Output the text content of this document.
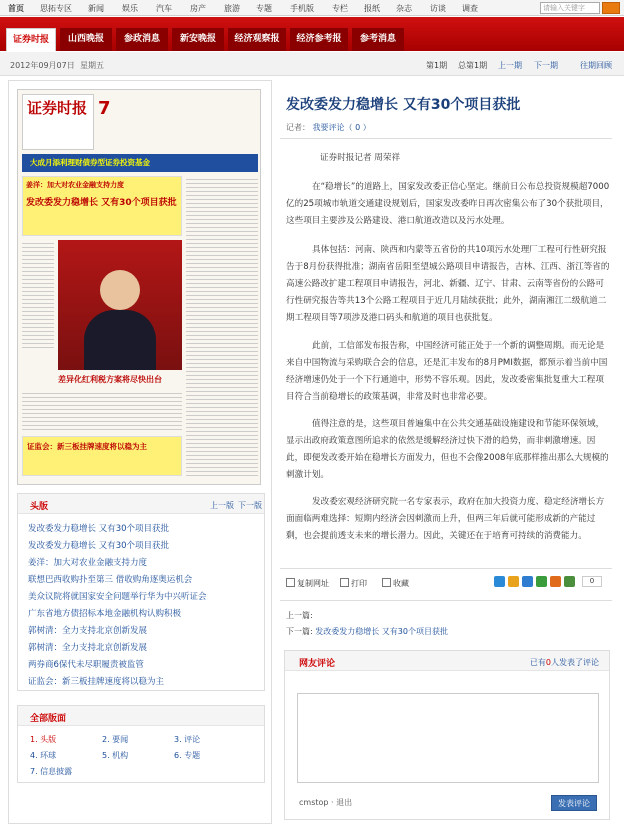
首页 思拓专区 新闻 娱乐 汽车 房产 旅游 专题 手机版 专栏 报纸 杂志 访谈 调查	请输入关键字
证券时报	山西晚报	参政消息	新安晚报	经济观察报	经济参考报	参考消息
2012年09月07日 星期五	第1期 总第1期 上一期 下一期	往期回顾
证券时报 7
大成月添利理财债券型证券投资基金
姜洋：加大对农业金融支持力度
发改委发力稳增长 又有30个项目获批
差异化红利税方案将尽快出台
证监会：新三板挂牌速度将以稳为主
头版	上一版 下一版
发改委发力稳增长 又有30个项目获批
发改委发力稳增长 又有30个项目获批
姜洋：加大对农业金融支持力度
联想巴西收购扑至第三 借收购角逐奥运机会
美众议院将就国家安全问题举行华为中兴听证会
广东省地方债招标本地金融机构认购积极
郭树清：全力支持北京创新发展
郭树清：全力支持北京创新发展
两券商6保代未尽职履责被监管
证监会：新三板挂牌速度将以稳为主
全部版面
1. 头版	2. 要闻	3. 评论
4. 环球	5. 机构	6. 专题
7. 信息披露
发改委发力稳增长 又有30个项目获批
记者： 我要评论（ 0 ）
证券时报记者 周荣祥
在“稳增长”的道路上，国家发改委正信心坚定。继前日公布总投资规模超7000亿的25项城市轨道交通建设规划后，国家发改委昨日再次密集公布了30个获批项目，这些项目主要涉及公路建设、港口航道改造以及污水处理。
具体包括：河南、陕西和内蒙等五省份的共10项污水处理厂工程可行性研究报告于8月份获得批准；湖南省岳阳至望城公路项目申请报告，吉林、江西、浙江等省的高速公路改扩建工程项目申请报告，河北、新疆、辽宁、甘肃、云南等省份的公路可行性研究报告等共13个公路工程项目于近几月陆续获批；此外，湖南湘江二级航道二期工程项目等7项涉及港口码头和航道的项目也获批复。
此前，工信部发布报告称，中国经济可能正处于一个新的调整周期。而无论是来自中国物流与采购联合会的信息，还是汇丰发布的8月PMI数据，都预示着当前中国经济增速仍处于一个下行通道中，形势不容乐观。因此，发改委密集批复重大工程项目符合当前稳增长的政策基调，非常及时也非常必要。
值得注意的是，这些项目普遍集中在公共交通基础设施建设和节能环保领域，显示出政府政策意图所追求的依然是缓解经济过快下滑的趋势，而非刺激增速。因此，即便发改委开始在稳增长方面发力，但也不会像2008年底那样推出那么大规模的刺激计划。
发改委宏观经济研究院一名专家表示，政府在加大投资力度、稳定经济增长方面面临两难选择：短期内经济会因刺激而上升，但两三年后就可能形成新的产能过剩，也会提前透支未来的增长潜力。因此，关键还在于培育可持续的消费能力。
复制网址	打印	收藏	0
上一篇:
下一篇: 发改委发力稳增长 又有30个项目获批
网友评论	已有0人发表了评论
cmstop · 退出	发表评论
